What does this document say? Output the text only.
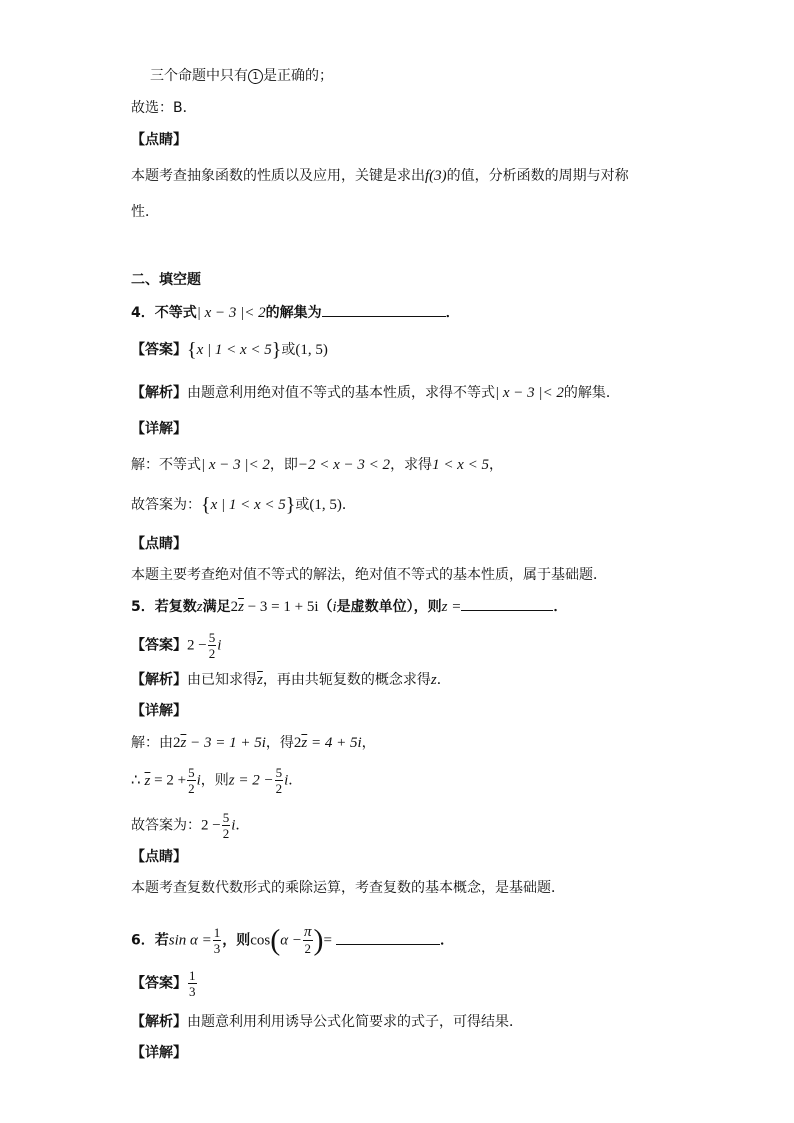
三个命题中只有 1 是正确的；
故选：B．
【点睛】
本题考查抽象函数的性质以及应用，关键是求出f(3)的值，分析函数的周期与对称
性．
二、填空题
4．不等式| x − 3 |< 2的解集为	．
【答案】{x | 1 < x < 5}或(1, 5)
【解析】由题意利用绝对值不等式的基本性质，求得不等式| x − 3 |< 2的解集．
【详解】
解：不等式| x − 3 |< 2，即−2 < x − 3 < 2，求得1 < x < 5，
故答案为：{x | 1 < x < 5}或(1, 5)．
【点睛】
本题主要考查绝对值不等式的解法，绝对值不等式的基本性质，属于基础题．
5．若复数z满足$2\overline{z} - 3 = 1 + 5i(i$是虚数单位），则z =	．
【答案】$2 - \frac{5}{2}$ i
【解析】由已知求得$\overline{z}$，再由共轭复数的概念求得z．
【详解】
解：由$2\overline{z} - 3 = 1 + 5i$，得$2\overline{z} = 4 + 5i$，
∴ $\overline{z} = 2 + \frac{5}{2}$ i，则$z = 2 - \frac{5}{2}$ i．
故答案为：$2 - \frac{5}{2}$ i．
【点睛】
本题考查复数代数形式的乘除运算，考查复数的基本概念，是基础题．
6．若$\sin \alpha = \frac{1}{3}$ ，则$\cos(\alpha - \frac{\pi}{2}$ )=	．
【答案】 $\frac{1}{3}$
【解析】由题意利用利用诱导公式化简要求的式子，可得结果．
【详解】
